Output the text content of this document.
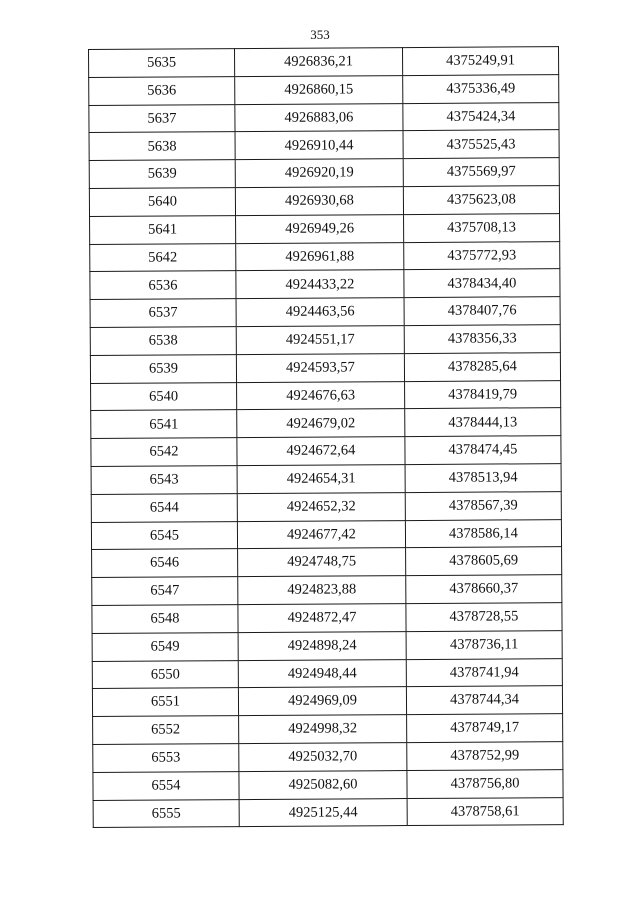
353
5635	4926836,21	4375249,91
5636	4926860,15	4375336,49
5637	4926883,06	4375424,34
5638	4926910,44	4375525,43
5639	4926920,19	4375569,97
5640	4926930,68	4375623,08
5641	4926949,26	4375708,13
5642	4926961,88	4375772,93
6536	4924433,22	4378434,40
6537	4924463,56	4378407,76
6538	4924551,17	4378356,33
6539	4924593,57	4378285,64
6540	4924676,63	4378419,79
6541	4924679,02	4378444,13
6542	4924672,64	4378474,45
6543	4924654,31	4378513,94
6544	4924652,32	4378567,39
6545	4924677,42	4378586,14
6546	4924748,75	4378605,69
6547	4924823,88	4378660,37
6548	4924872,47	4378728,55
6549	4924898,24	4378736,11
6550	4924948,44	4378741,94
6551	4924969,09	4378744,34
6552	4924998,32	4378749,17
6553	4925032,70	4378752,99
6554	4925082,60	4378756,80
6555	4925125,44	4378758,61
